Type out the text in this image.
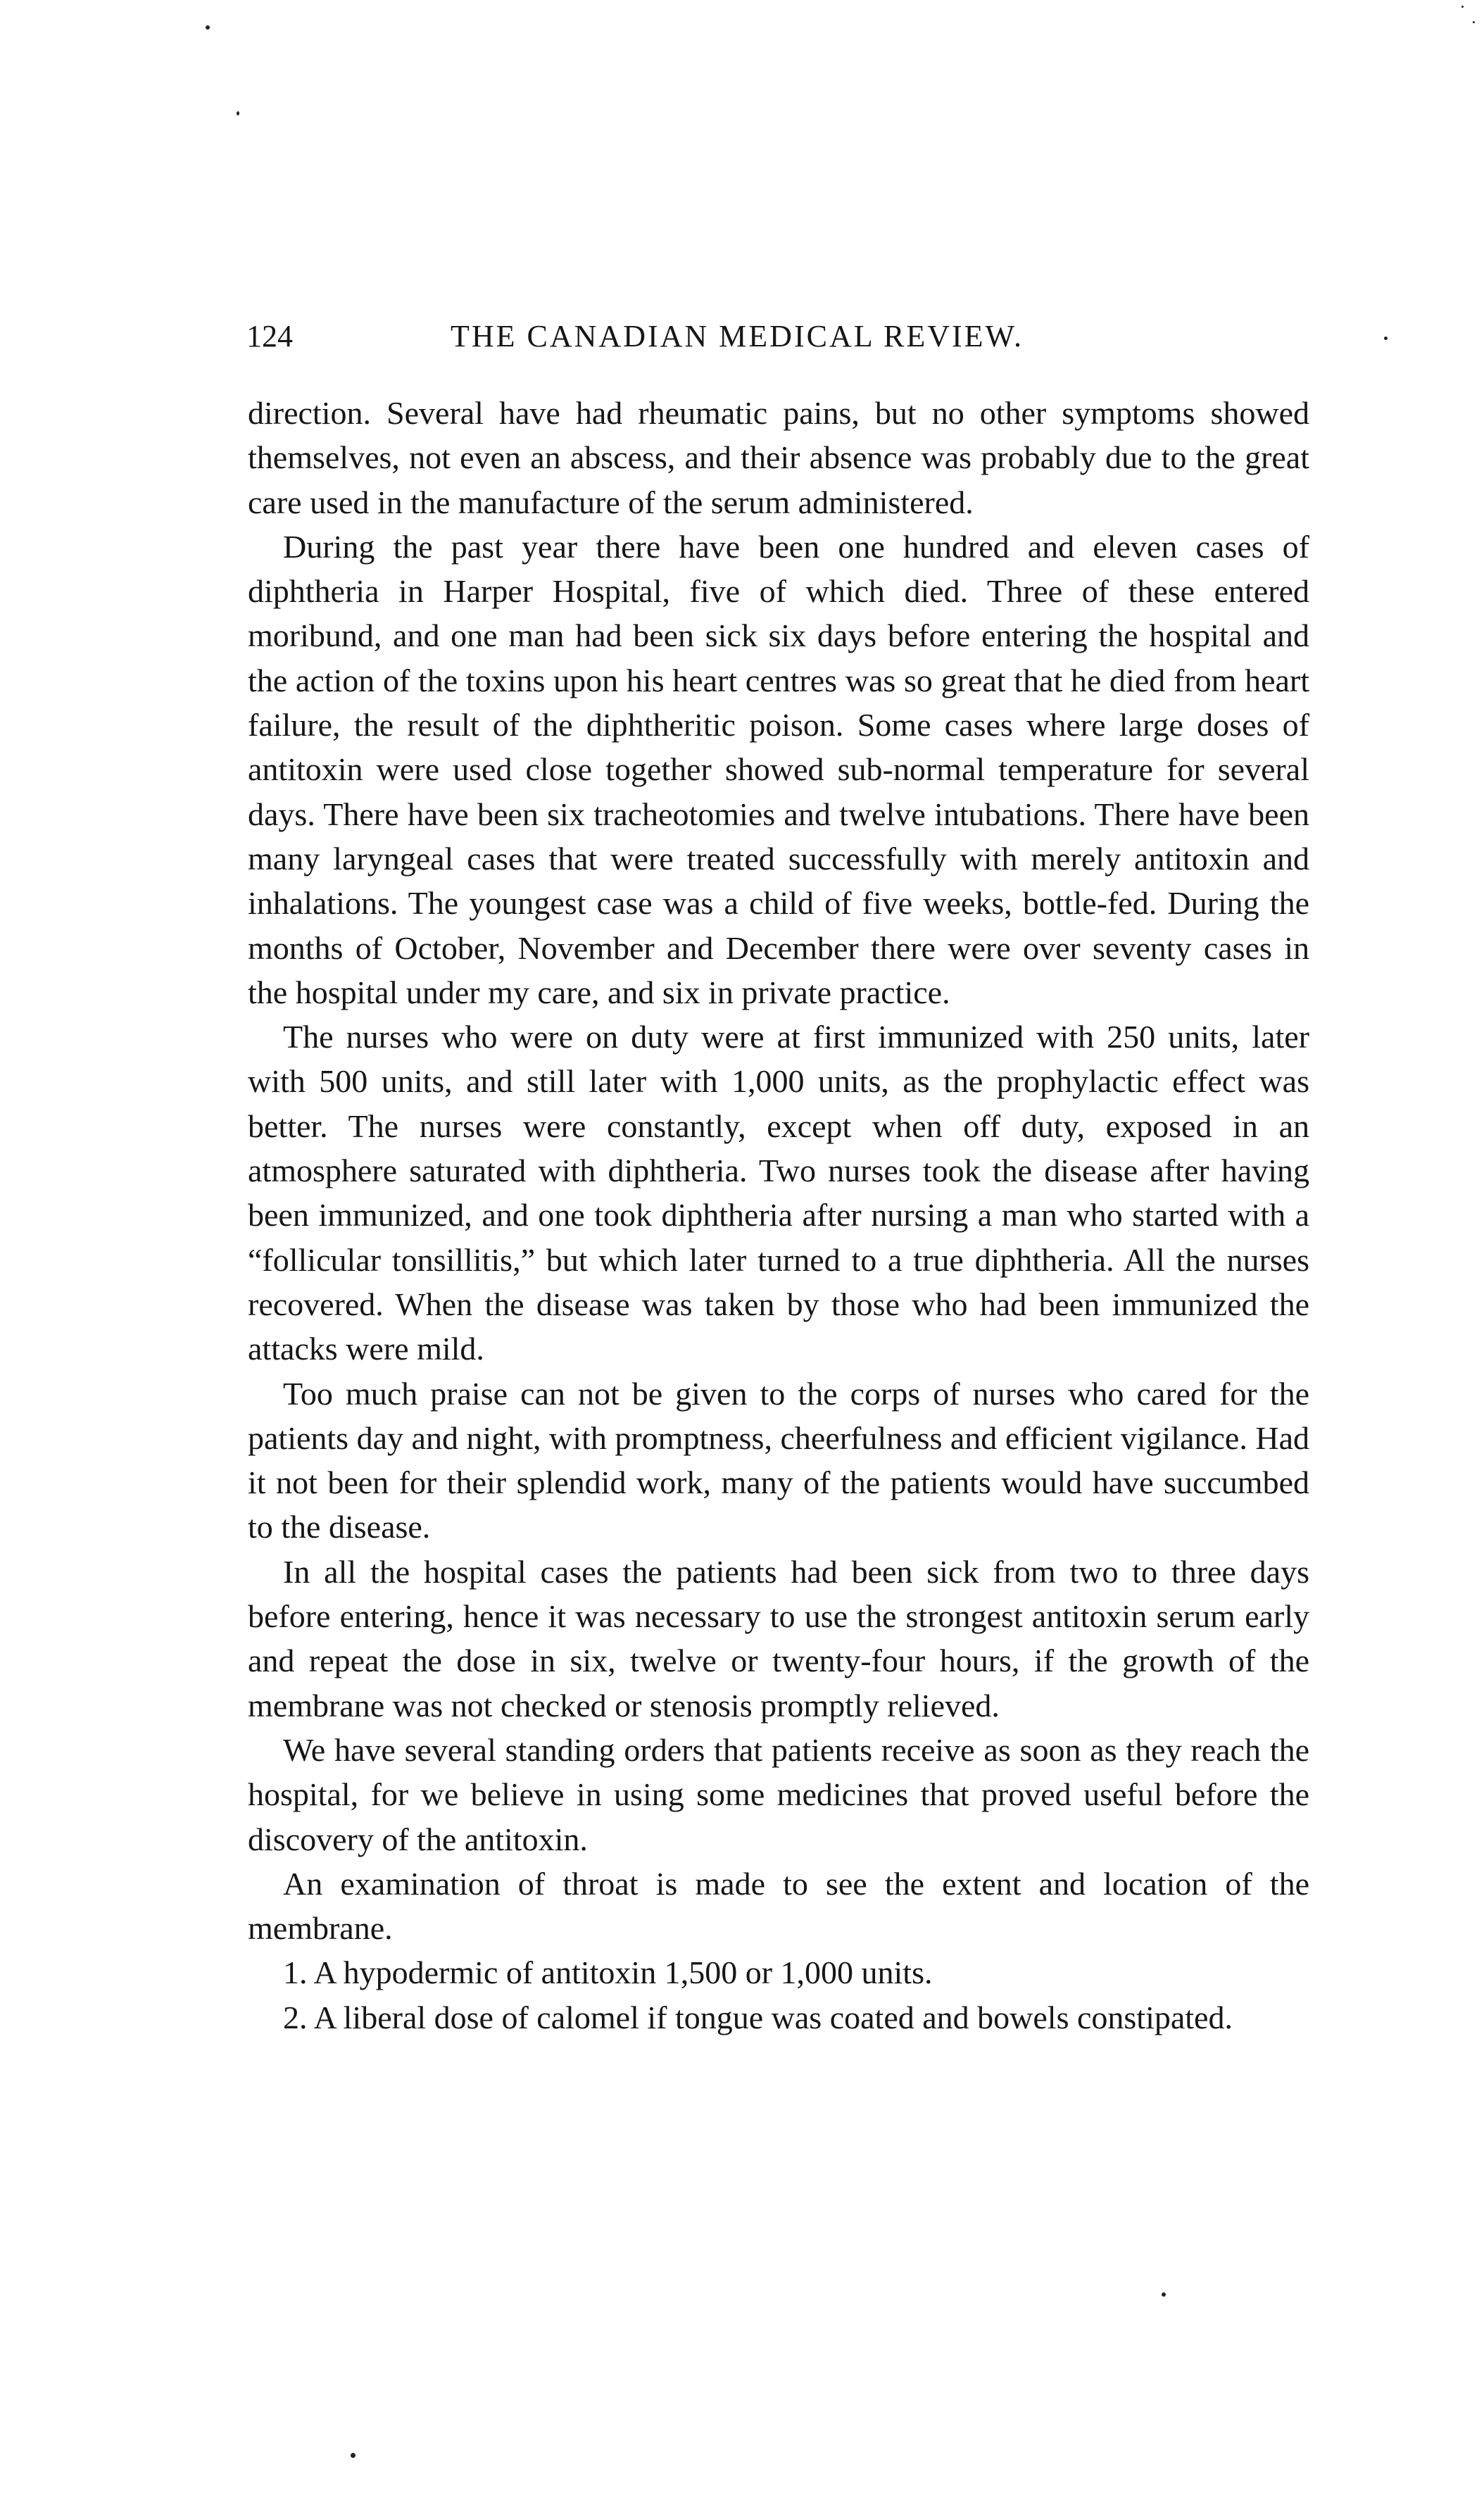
124	THE CANADIAN MEDICAL REVIEW.

direction. Several have had rheumatic pains, but no other symptoms showed themselves, not even an abscess, and their absence was probably due to the great care used in the manufacture of the serum administered.

During the past year there have been one hundred and eleven cases of diphtheria in Harper Hospital, five of which died. Three of these entered moribund, and one man had been sick six days before entering the hospital and the action of the toxins upon his heart centres was so great that he died from heart failure, the result of the diphtheritic poison. Some cases where large doses of antitoxin were used close together showed sub-normal temperature for several days. There have been six tracheotomies and twelve intubations. There have been many laryngeal cases that were treated successfully with merely antitoxin and inhalations. The youngest case was a child of five weeks, bottle-fed. During the months of October, November and December there were over seventy cases in the hospital under my care, and six in private practice.

The nurses who were on duty were at first immunized with 250 units, later with 500 units, and still later with 1,000 units, as the prophylactic effect was better. The nurses were constantly, except when off duty, exposed in an atmosphere saturated with diphtheria. Two nurses took the disease after having been immunized, and one took diphtheria after nursing a man who started with a “follicular tonsillitis,” but which later turned to a true diphtheria. All the nurses recovered. When the disease was taken by those who had been immunized the attacks were mild.

Too much praise can not be given to the corps of nurses who cared for the patients day and night, with promptness, cheerfulness and efficient vigilance. Had it not been for their splendid work, many of the patients would have succumbed to the disease.

In all the hospital cases the patients had been sick from two to three days before entering, hence it was necessary to use the strongest antitoxin serum early and repeat the dose in six, twelve or twenty-four hours, if the growth of the membrane was not checked or stenosis promptly relieved.

We have several standing orders that patients receive as soon as they reach the hospital, for we believe in using some medicines that proved useful before the discovery of the antitoxin.

An examination of throat is made to see the extent and location of the membrane.

1. A hypodermic of antitoxin 1,500 or 1,000 units.

2. A liberal dose of calomel if tongue was coated and bowels constipated.
